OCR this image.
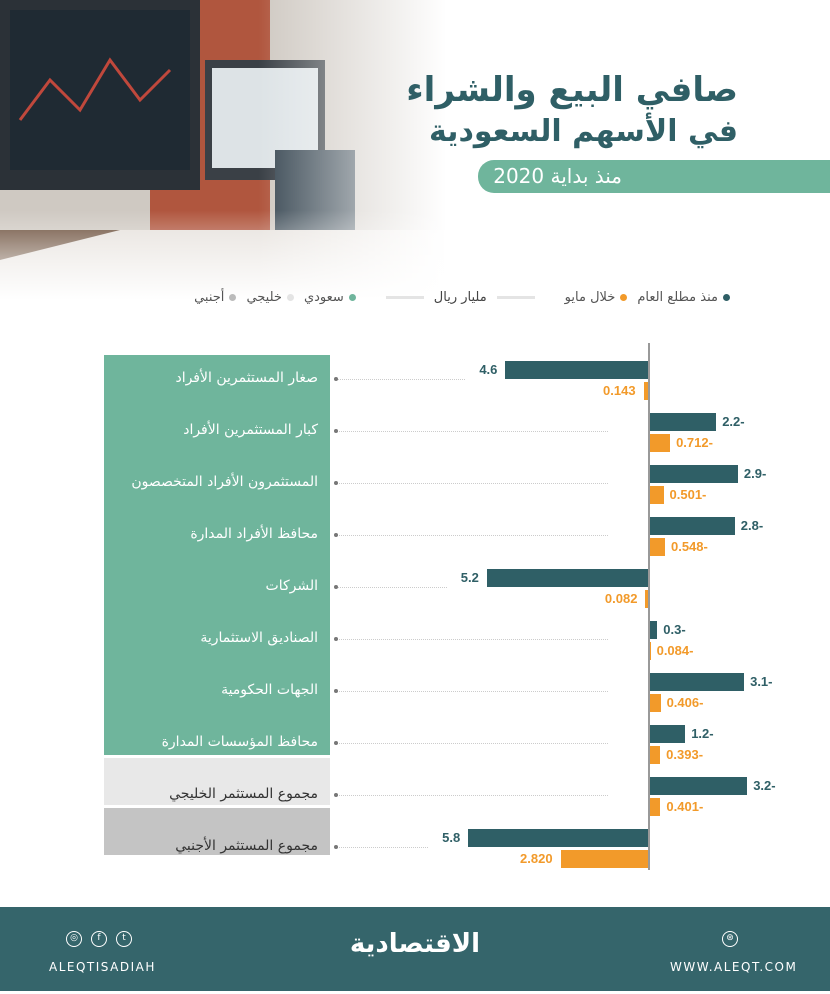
صافي البيع والشراء
في الأسهم السعودية
منذ بداية 2020
منذ مطلع العام
خلال مايو
مليار ريال
سعودي
خليجي
أجنبي
صغار المستثمرين الأفراد
4.6
0.143
كبار المستثمرين الأفراد
2.2-
0.712-
المستثمرون الأفراد المتخصصون
2.9-
0.501-
محافظ الأفراد المدارة
2.8-
0.548-
الشركات
5.2
0.082
الصناديق الاستثمارية
0.3-
0.084-
الجهات الحكومية
3.1-
0.406-
محافظ المؤسسات المدارة
1.2-
0.393-
مجموع المستثمر الخليجي
3.2-
0.401-
مجموع المستثمر الأجنبي
5.8
2.820
◎	f	t
ALEQTISADIAH
الاقتصادية	⊛
WWW.ALEQT.COM
